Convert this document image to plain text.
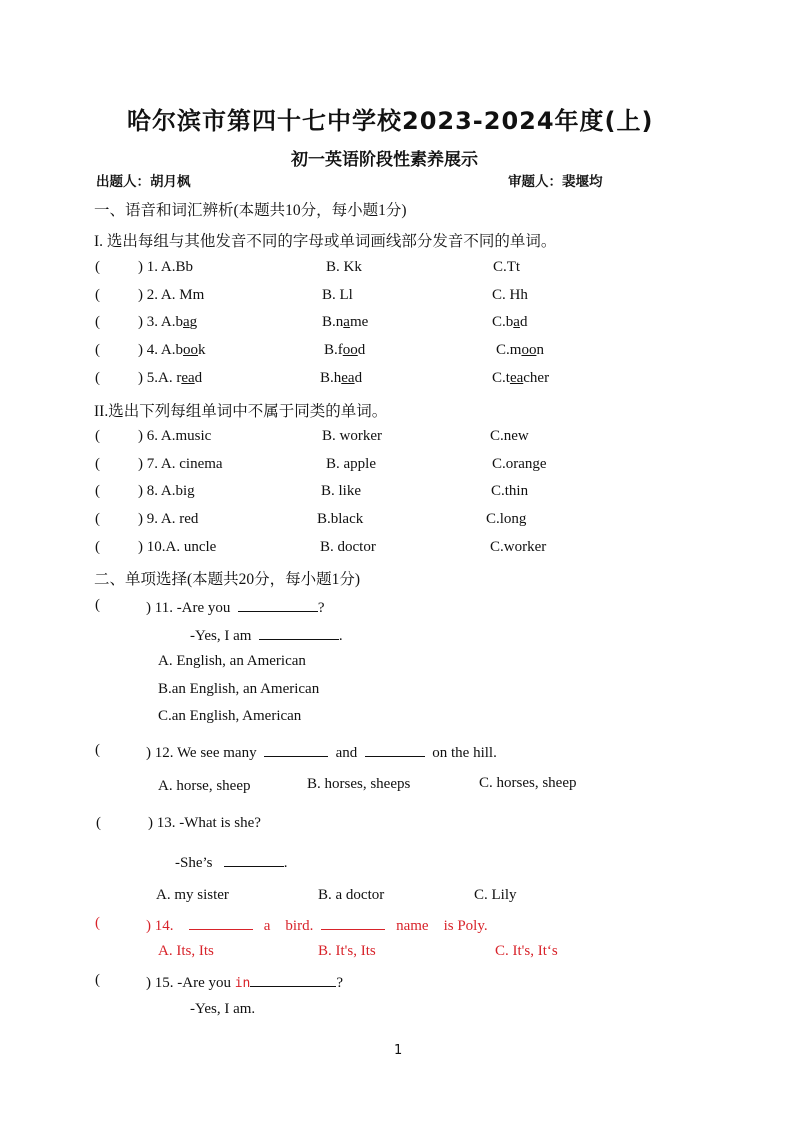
哈尔滨市第四十七中学校2023-2024年度(上)
初一英语阶段性素养展示
出题人：胡月枫	审题人：裴堰均
一、语音和词汇辨析(本题共10分，每小题1分)
I. 选出每组与其他发音不同的字母或单词画线部分发音不同的单词。
(	) 1. A.Bb	B. Kk	C.Tt
(	) 2. A. Mm	B. Ll	C. Hh
(	) 3. A.bag	B.name	C.bad
(	) 4. A.book	B.food	C.moon
(	) 5.A. read	B.head	C.teacher
II.选出下列每组单词中不属于同类的单词。
(	) 6. A.music	B. worker	C.new
(	) 7. A. cinema	B. apple	C.orange
(	) 8. A.big	B. like	C.thin
(	) 9. A. red	B.black	C.long
(	) 10.A. uncle	B. doctor	C.worker
二、单项选择(本题共20分，每小题1分)
(	) 11. -Are you	?
-Yes, I am	.
A. English, an American
B.an English, an American
C.an English, American
(	) 12. We see many	and	on the hill.
A. horse, sheep	B. horses, sheeps	C. horses, sheep
(	) 13. -What is she?
-She’s	.
A. my sister	B. a doctor	C. Lily
(	) 14.	a bird.	name is Poly.
A. Its, Its	B. It's, Its	C. It's, It‘s
(	) 15. -Are you in	?
-Yes, I am.
1
